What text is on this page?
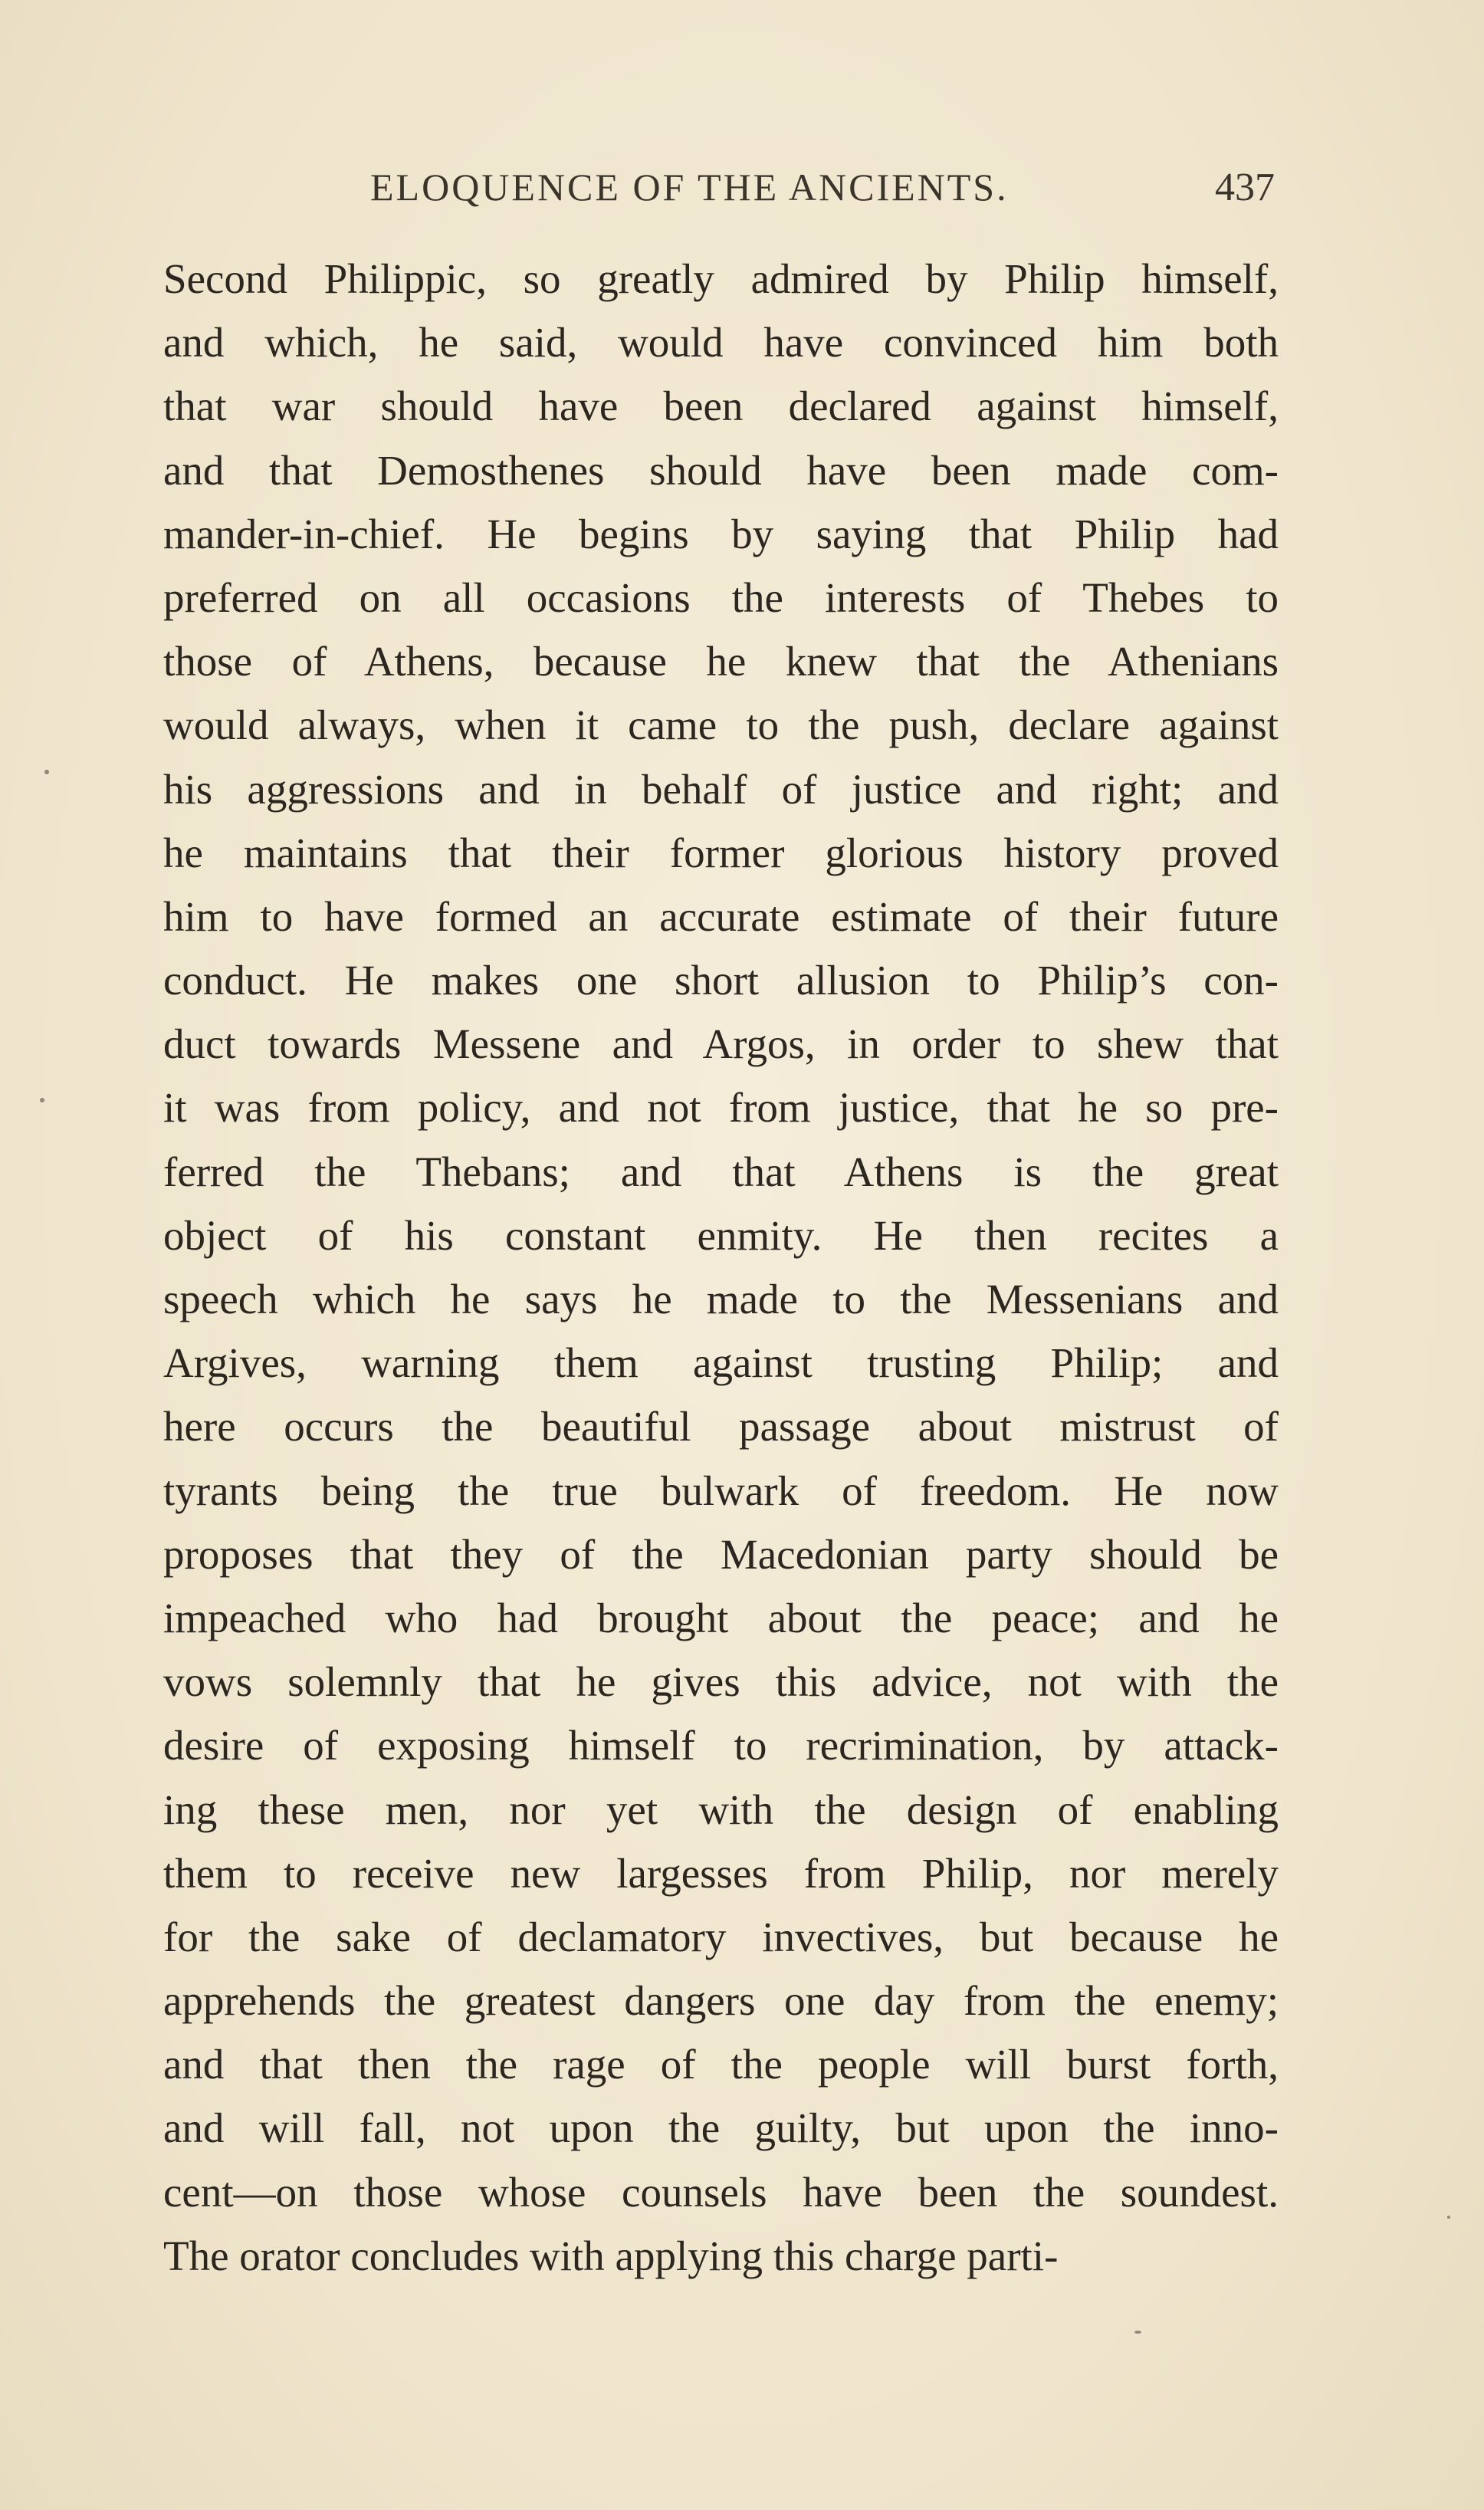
ELOQUENCE OF THE ANCIENTS.	437
Second Philippic, so greatly admired by Philip himself,
and which, he said, would have convinced him both
that war should have been declared against himself,
and that Demosthenes should have been made com-
mander-in-chief. He begins by saying that Philip had
preferred on all occasions the interests of Thebes to
those of Athens, because he knew that the Athenians
would always, when it came to the push, declare against
his aggressions and in behalf of justice and right; and
he maintains that their former glorious history proved
him to have formed an accurate estimate of their future
conduct. He makes one short allusion to Philip’s con-
duct towards Messene and Argos, in order to shew that
it was from policy, and not from justice, that he so pre-
ferred the Thebans; and that Athens is the great
object of his constant enmity. He then recites a
speech which he says he made to the Messenians and
Argives, warning them against trusting Philip; and
here occurs the beautiful passage about mistrust of
tyrants being the true bulwark of freedom. He now
proposes that they of the Macedonian party should be
impeached who had brought about the peace; and he
vows solemnly that he gives this advice, not with the
desire of exposing himself to recrimination, by attack-
ing these men, nor yet with the design of enabling
them to receive new largesses from Philip, nor merely
for the sake of declamatory invectives, but because he
apprehends the greatest dangers one day from the enemy;
and that then the rage of the people will burst forth,
and will fall, not upon the guilty, but upon the inno-
cent—on those whose counsels have been the soundest.
The orator concludes with applying this charge parti-
